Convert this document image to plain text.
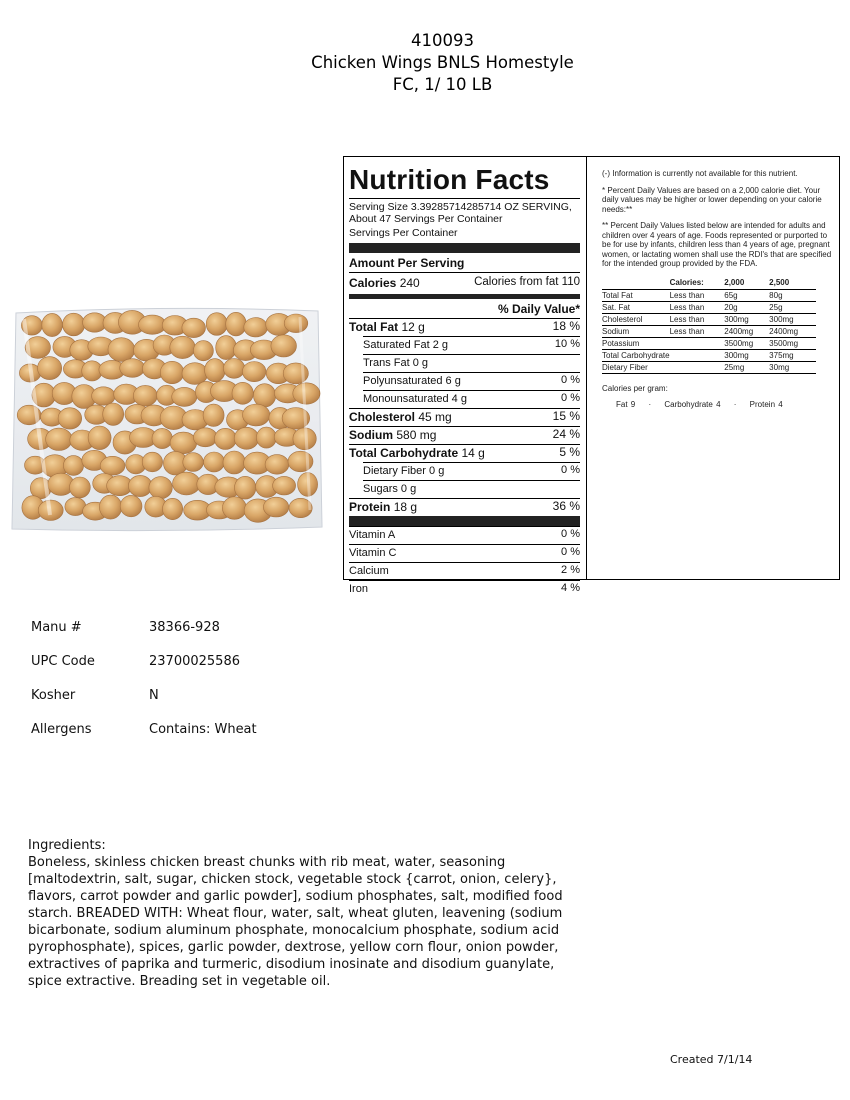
410093
Chicken Wings BNLS Homestyle
FC, 1/ 10 LB
Nutrition Facts
Serving Size 3.39285714285714 OZ SERVING, About 47 Servings Per Container
Servings Per Container
Amount Per Serving
Calories 240	Calories from fat 110
% Daily Value*
Total Fat 12 g	18 %
Saturated Fat 2 g	10 %
Trans Fat 0 g
Polyunsaturated 6 g	0 %
Monounsaturated 4 g	0 %
Cholesterol 45 mg	15 %
Sodium 580 mg	24 %
Total Carbohydrate 14 g	5 %
Dietary Fiber 0 g	0 %
Sugars 0 g
Protein 18 g	36 %
Vitamin A	0 %
Vitamin C	0 %
Calcium	2 %
Iron	4 %

(-) Information is currently not available for this nutrient.

* Percent Daily Values are based on a 2,000 calorie diet. Your daily values may be higher or lower depending on your calorie needs:**

** Percent Daily Values listed below are intended for adults and children over 4 years of age. Foods represented or purported to be for use by infants, children less than 4 years of age, pregnant women, or lactating women shall use the RDI's that are specified for the intended group provided by the FDA.

	Calories:	2,000	2,500
Total Fat	Less than	65g	80g
Sat. Fat	Less than	20g	25g
Cholesterol	Less than	300mg	300mg
Sodium	Less than	2400mg	2400mg
Potassium		3500mg	3500mg
Total Carbohydrate		300mg	375mg
Dietary Fiber		25mg	30mg
Calories per gram:
Fat 9 · Carbohydrate 4 · Protein 4
Manu #	38366-928
UPC Code	23700025586
Kosher	N
Allergens	Contains: Wheat
Ingredients:
Boneless, skinless chicken breast chunks with rib meat, water, seasoning [maltodextrin, salt, sugar, chicken stock, vegetable stock {carrot, onion, celery}, flavors, carrot powder and garlic powder], sodium phosphates, salt, modified food starch. BREADED WITH: Wheat flour, water, salt, wheat gluten, leavening (sodium bicarbonate, sodium aluminum phosphate, monocalcium phosphate, sodium acid pyrophosphate), spices, garlic powder, dextrose, yellow corn flour, onion powder, extractives of paprika and turmeric, disodium inosinate and disodium guanylate, spice extractive. Breading set in vegetable oil.
Created 7/1/14
